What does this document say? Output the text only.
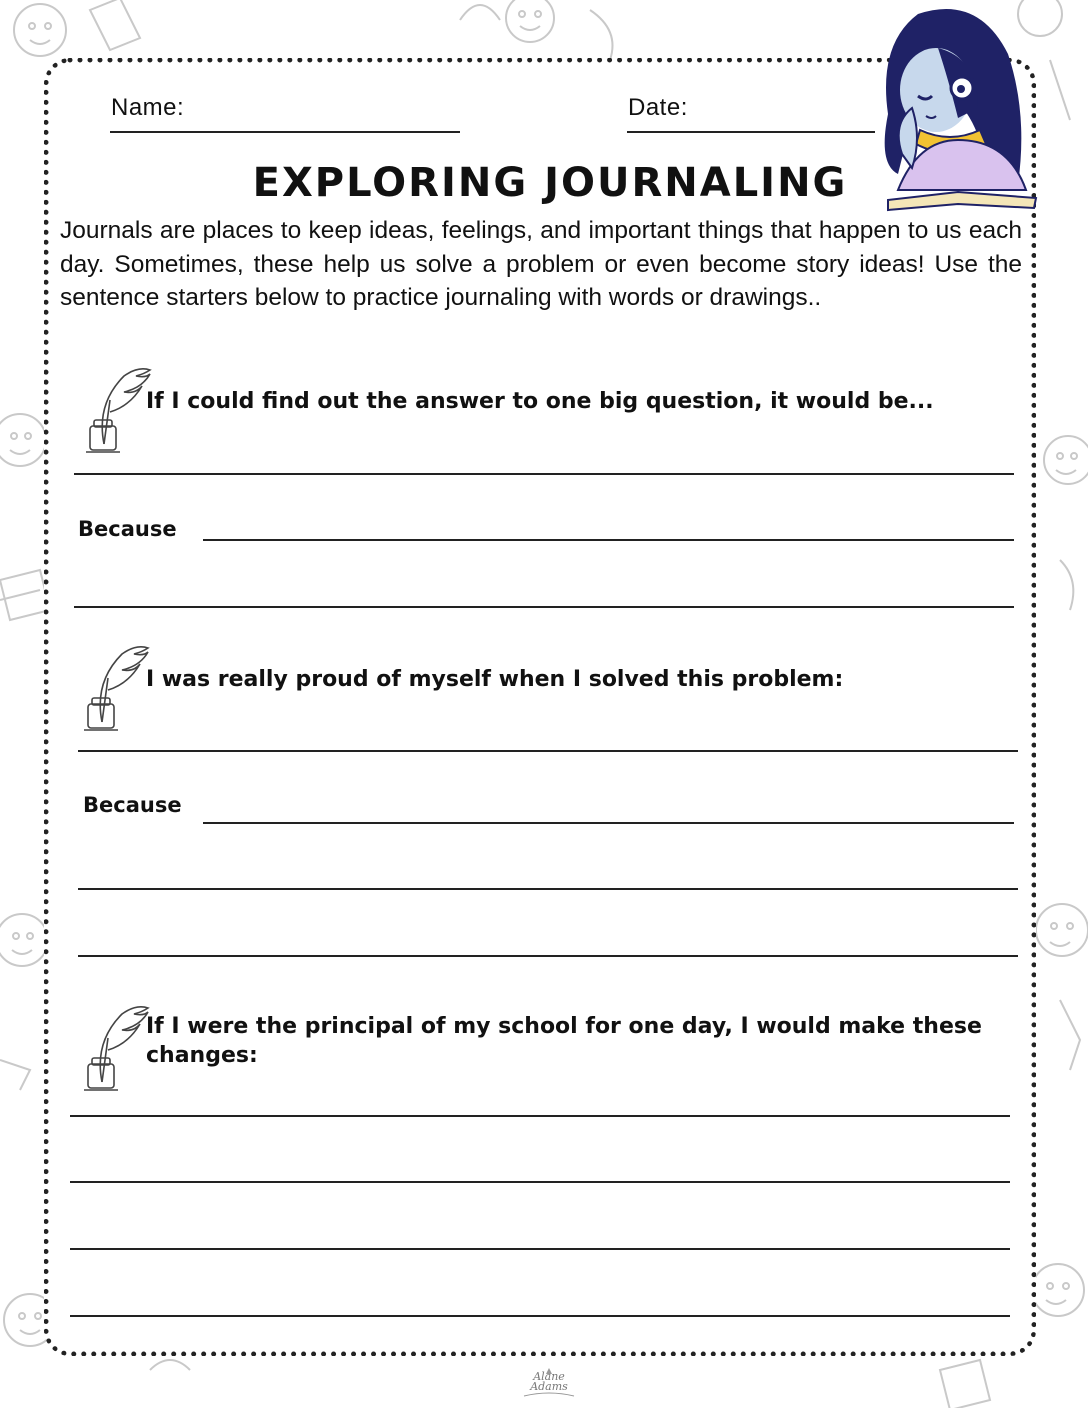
Name:	Date:
EXPLORING JOURNALING

Journals are places to keep ideas, feelings, and important things that happen to us each day. Sometimes, these help us solve a problem or even become story ideas! Use the sentence starters below to practice journaling with words or drawings..

If I could find out the answer to one big question, it would be...

Because

I was really proud of myself when I solved this problem:

Because

If I were the principal of my school for one day, I would make these changes:

Alane Adams
